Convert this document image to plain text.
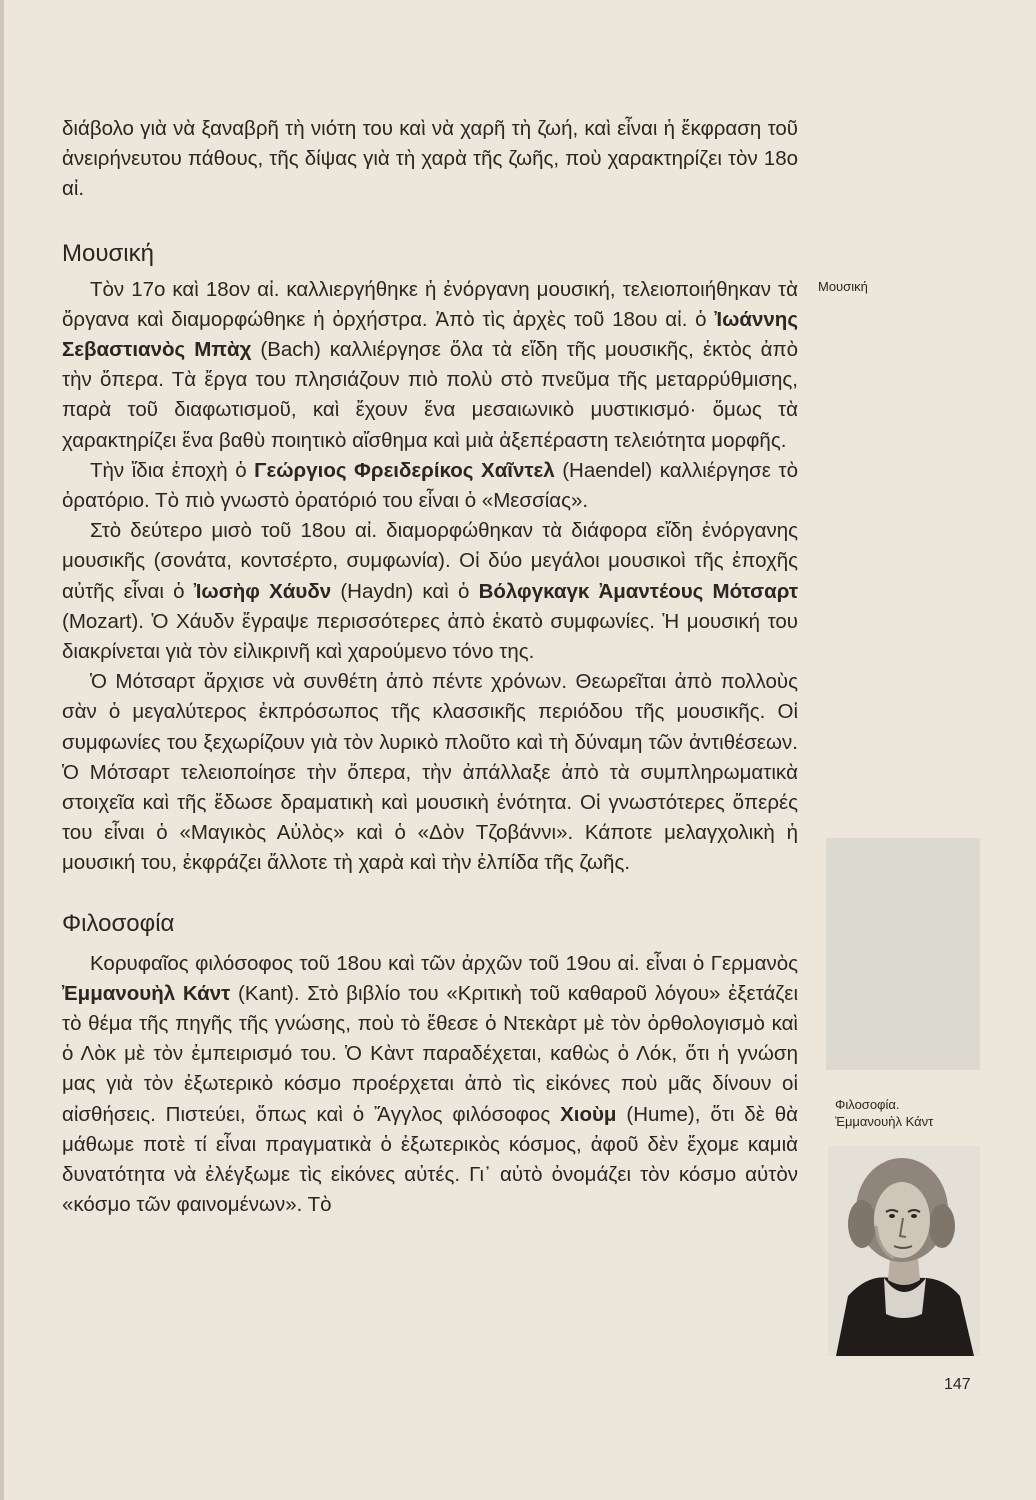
διάβολο γιὰ νὰ ξαναβρῆ τὴ νιότη του καὶ νὰ χαρῆ τὴ ζωή, καὶ εἶναι ἡ ἔκφραση τοῦ ἀνειρήνευτου πάθους, τῆς δίψας γιὰ τὴ χαρὰ τῆς ζωῆς, ποὺ χαρακτηρίζει τὸν 18ο αἰ.

Μουσική

Τὸν 17ο καὶ 18ον αἰ. καλλιεργήθηκε ἡ ἐνόργανη μουσική, τελειοποιήθηκαν τὰ ὄργανα καὶ διαμορφώθηκε ἡ ὀρχήστρα. Ἀπὸ τὶς ἀρχὲς τοῦ 18ου αἰ. ὁ Ἰωάννης Σεβαστιανὸς Μπὰχ (Bach) καλλιέργησε ὅλα τὰ εἴδη τῆς μουσικῆς, ἐκτὸς ἀπὸ τὴν ὄπερα. Τὰ ἔργα του πλησιάζουν πιὸ πολὺ στὸ πνεῦμα τῆς μεταρρύθμισης, παρὰ τοῦ διαφωτισμοῦ, καὶ ἔχουν ἕνα μεσαιωνικὸ μυστικισμό· ὅμως τὰ χαρακτηρίζει ἕνα βαθὺ ποιητικὸ αἴσθημα καὶ μιὰ ἀξεπέραστη τελειότητα μορφῆς.

Τὴν ἴδια ἐποχὴ ὁ Γεώργιος Φρειδερίκος Χαῖντελ (Haendel) καλλιέργησε τὸ ὀρατόριο. Τὸ πιὸ γνωστὸ ὀρατόριό του εἶναι ὁ «Μεσσίας».

Στὸ δεύτερο μισὸ τοῦ 18ου αἰ. διαμορφώθηκαν τὰ διάφορα εἴδη ἐνόργανης μουσικῆς (σονάτα, κοντσέρτο, συμφωνία). Οἱ δύο μεγάλοι μουσικοὶ τῆς ἐποχῆς αὐτῆς εἶναι ὁ Ἰωσὴφ Χάυδν (Haydn) καὶ ὁ Βόλφγκαγκ Ἀμαντέους Μότσαρτ (Mozart). Ὁ Χάυδν ἔγραψε περισσότερες ἀπὸ ἑκατὸ συμφωνίες. Ἡ μουσική του διακρίνεται γιὰ τὸν εἰλικρινῆ καὶ χαρούμενο τόνο της.

Ὁ Μότσαρτ ἄρχισε νὰ συνθέτη ἀπὸ πέντε χρόνων. Θεωρεῖται ἀπὸ πολλοὺς σὰν ὁ μεγαλύτερος ἐκπρόσωπος τῆς κλασσικῆς περιόδου τῆς μουσικῆς. Οἱ συμφωνίες του ξεχωρίζουν γιὰ τὸν λυρικὸ πλοῦτο καὶ τὴ δύναμη τῶν ἀντιθέσεων. Ὁ Μότσαρτ τελειοποίησε τὴν ὄπερα, τὴν ἀπάλλαξε ἀπὸ τὰ συμπληρωματικὰ στοιχεῖα καὶ τῆς ἔδωσε δραματικὴ καὶ μουσικὴ ἑνότητα. Οἱ γνωστότερες ὄπερές του εἶναι ὁ «Μαγικὸς Αὐλὸς» καὶ ὁ «Δὸν Τζοβάννι». Κάποτε μελαγχολικὴ ἡ μουσική του, ἐκφράζει ἄλλοτε τὴ χαρὰ καὶ τὴν ἐλπίδα τῆς ζωῆς.

Φιλοσοφία

Κορυφαῖος φιλόσοφος τοῦ 18ου καὶ τῶν ἀρχῶν τοῦ 19ου αἰ. εἶναι ὁ Γερμανὸς Ἐμμανουὴλ Κάντ (Kant). Στὸ βιβλίο του «Κριτικὴ τοῦ καθαροῦ λόγου» ἐξετάζει τὸ θέμα τῆς πηγῆς τῆς γνώσης, ποὺ τὸ ἔθεσε ὁ Ντεκὰρτ μὲ τὸν ὀρθολογισμὸ καὶ ὁ Λὸκ μὲ τὸν ἐμπειρισμό του. Ὁ Κὰντ παραδέχεται, καθὼς ὁ Λόκ, ὅτι ἡ γνώση μας γιὰ τὸν ἐξωτερικὸ κόσμο προέρχεται ἀπὸ τὶς εἰκόνες ποὺ μᾶς δίνουν οἱ αἰσθήσεις. Πιστεύει, ὅπως καὶ ὁ Ἄγγλος φιλόσοφος Χιοὺμ (Hume), ὅτι δὲ θὰ μάθωμε ποτὲ τί εἶναι πραγματικὰ ὁ ἐξωτερικὸς κόσμος, ἀφοῦ δὲν ἔχομε καμιὰ δυνατότητα νὰ ἐλέγξωμε τὶς εἰκόνες αὐτές. Γι᾽ αὐτὸ ὀνομάζει τὸν κόσμο αὐτὸν «κόσμο τῶν φαινομένων». Τὸ

Μουσική
Φιλοσοφία.
Ἐμμανουὴλ Κάντ
147
